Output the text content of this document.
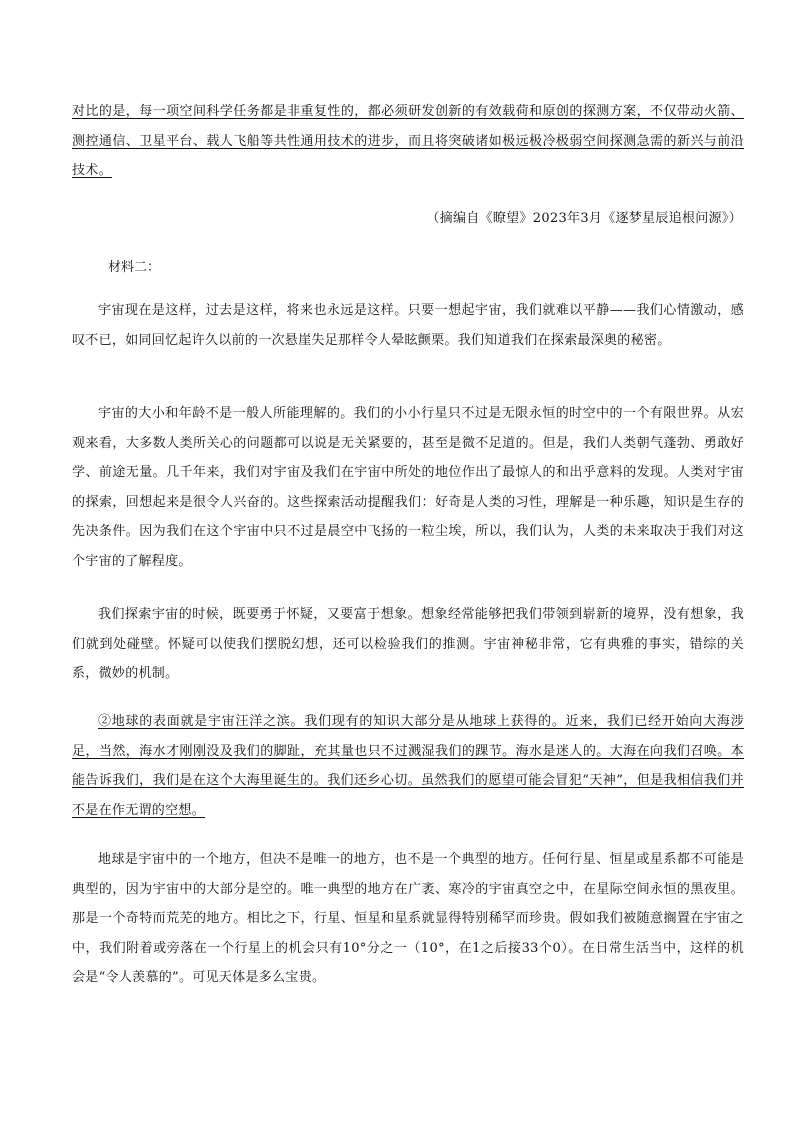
对比的是，每一项空间科学任务都是非重复性的，都必须研发创新的有效载荷和原创的探测方案，不仅带动火箭、测控通信、卫星平台、载人飞船等共性通用技术的进步，而且将突破诸如极远极冷极弱空间探测急需的新兴与前沿技术。

（摘编自《瞭望》2023年3月《逐梦星辰追根问源》）

材料二：

宇宙现在是这样，过去是这样，将来也永远是这样。只要一想起宇宙，我们就难以平静——我们心情激动，感叹不已，如同回忆起许久以前的一次悬崖失足那样令人晕眩颤栗。我们知道我们在探索最深奥的秘密。

宇宙的大小和年龄不是一般人所能理解的。我们的小小行星只不过是无限永恒的时空中的一个有限世界。从宏观来看，大多数人类所关心的问题都可以说是无关紧要的，甚至是微不足道的。但是，我们人类朝气蓬勃、勇敢好学、前途无量。几千年来，我们对宇宙及我们在宇宙中所处的地位作出了最惊人的和出乎意料的发现。人类对宇宙的探索，回想起来是很令人兴奋的。这些探索活动提醒我们：好奇是人类的习性，理解是一种乐趣，知识是生存的先决条件。因为我们在这个宇宙中只不过是晨空中飞扬的一粒尘埃，所以，我们认为，人类的未来取决于我们对这个宇宙的了解程度。

我们探索宇宙的时候，既要勇于怀疑，又要富于想象。想象经常能够把我们带领到崭新的境界，没有想象，我们就到处碰壁。怀疑可以使我们摆脱幻想，还可以检验我们的推测。宇宙神秘非常，它有典雅的事实，错综的关系，微妙的机制。

②地球的表面就是宇宙汪洋之滨。我们现有的知识大部分是从地球上获得的。近来，我们已经开始向大海涉足，当然，海水才刚刚没及我们的脚趾，充其量也只不过溅湿我们的踝节。海水是迷人的。大海在向我们召唤。本能告诉我们，我们是在这个大海里诞生的。我们还乡心切。虽然我们的愿望可能会冒犯“天神”，但是我相信我们并不是在作无谓的空想。

地球是宇宙中的一个地方，但决不是唯一的地方，也不是一个典型的地方。任何行星、恒星或星系都不可能是典型的，因为宇宙中的大部分是空的。唯一典型的地方在广袤、寒冷的宇宙真空之中，在星际空间永恒的黑夜里。那是一个奇特而荒芜的地方。相比之下，行星、恒星和星系就显得特别稀罕而珍贵。假如我们被随意搁置在宇宙之中，我们附着或旁落在一个行星上的机会只有10°分之一（10°，在1之后接33个0）。在日常生活当中，这样的机会是“令人羡慕的”。可见天体是多么宝贵。
